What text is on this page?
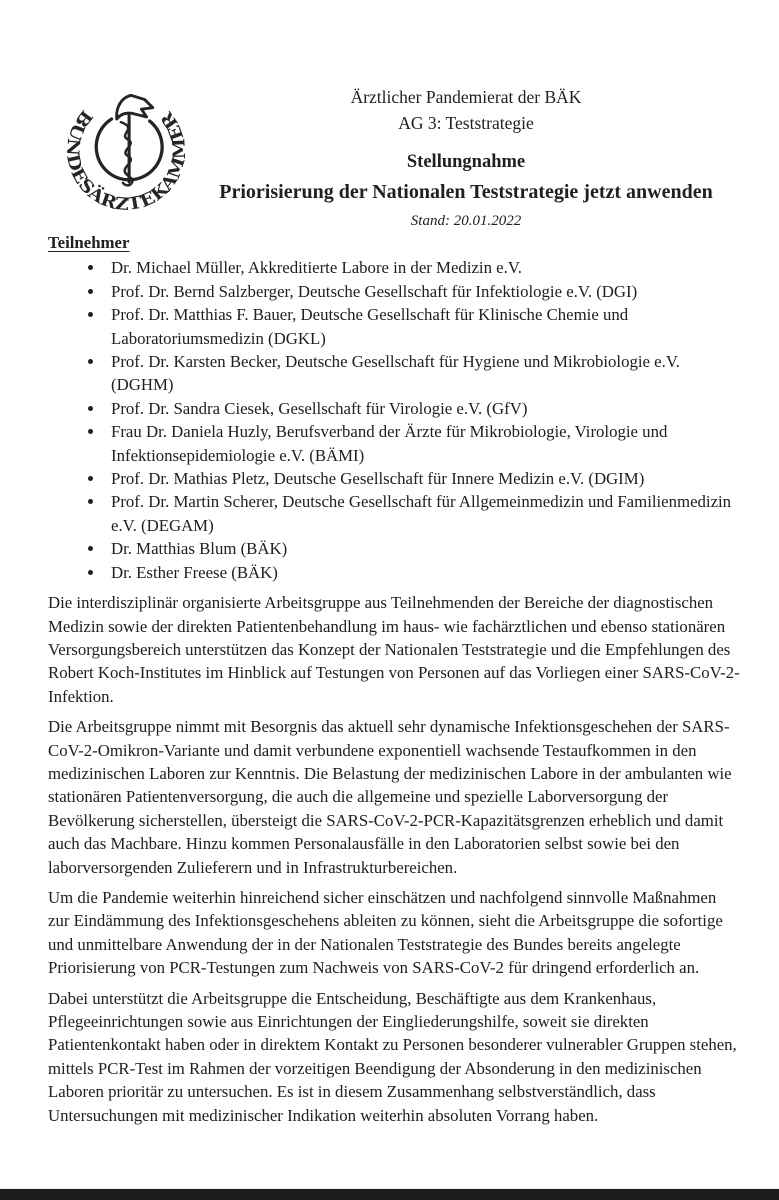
BUNDESÄRZTEKAMMER
Ärztlicher Pandemierat der BÄK
AG 3: Teststrategie
Stellungnahme
Priorisierung der Nationalen Teststrategie jetzt anwenden
Stand: 20.01.2022
Teilnehmer
• Dr. Michael Müller, Akkreditierte Labore in der Medizin e.V.
• Prof. Dr. Bernd Salzberger, Deutsche Gesellschaft für Infektiologie e.V. (DGI)
• Prof. Dr. Matthias F. Bauer, Deutsche Gesellschaft für Klinische Chemie und Laboratoriumsmedizin (DGKL)
• Prof. Dr. Karsten Becker, Deutsche Gesellschaft für Hygiene und Mikrobiologie e.V. (DGHM)
• Prof. Dr. Sandra Ciesek, Gesellschaft für Virologie e.V. (GfV)
• Frau Dr. Daniela Huzly, Berufsverband der Ärzte für Mikrobiologie, Virologie und Infektionsepidemiologie e.V. (BÄMI)
• Prof. Dr. Mathias Pletz, Deutsche Gesellschaft für Innere Medizin e.V. (DGIM)
• Prof. Dr. Martin Scherer, Deutsche Gesellschaft für Allgemeinmedizin und Familienmedizin e.V. (DEGAM)
• Dr. Matthias Blum (BÄK)
• Dr. Esther Freese (BÄK)

Die interdisziplinär organisierte Arbeitsgruppe aus Teilnehmenden der Bereiche der diagnostischen Medizin sowie der direkten Patientenbehandlung im haus- wie fachärztlichen und ebenso stationären Versorgungsbereich unterstützen das Konzept der Nationalen Teststrategie und die Empfehlungen des Robert Koch-Institutes im Hinblick auf Testungen von Personen auf das Vorliegen einer SARS-CoV-2-Infektion.

Die Arbeitsgruppe nimmt mit Besorgnis das aktuell sehr dynamische Infektionsgeschehen der SARS-CoV-2-Omikron-Variante und damit verbundene exponentiell wachsende Testaufkommen in den medizinischen Laboren zur Kenntnis. Die Belastung der medizinischen Labore in der ambulanten wie stationären Patientenversorgung, die auch die allgemeine und spezielle Laborversorgung der Bevölkerung sicherstellen, übersteigt die SARS-CoV-2-PCR-Kapazitätsgrenzen erheblich und damit auch das Machbare. Hinzu kommen Personalausfälle in den Laboratorien selbst sowie bei den laborversorgenden Zulieferern und in Infrastrukturbereichen.

Um die Pandemie weiterhin hinreichend sicher einschätzen und nachfolgend sinnvolle Maßnahmen zur Eindämmung des Infektionsgeschehens ableiten zu können, sieht die Arbeitsgruppe die sofortige und unmittelbare Anwendung der in der Nationalen Teststrategie des Bundes bereits angelegte Priorisierung von PCR-Testungen zum Nachweis von SARS-CoV-2 für dringend erforderlich an.

Dabei unterstützt die Arbeitsgruppe die Entscheidung, Beschäftigte aus dem Krankenhaus, Pflegeeinrichtungen sowie aus Einrichtungen der Eingliederungshilfe, soweit sie direkten Patientenkontakt haben oder in direktem Kontakt zu Personen besonderer vulnerabler Gruppen stehen, mittels PCR-Test im Rahmen der vorzeitigen Beendigung der Absonderung in den medizinischen Laboren prioritär zu untersuchen. Es ist in diesem Zusammenhang selbstverständlich, dass Untersuchungen mit medizinischer Indikation weiterhin absoluten Vorrang haben.
